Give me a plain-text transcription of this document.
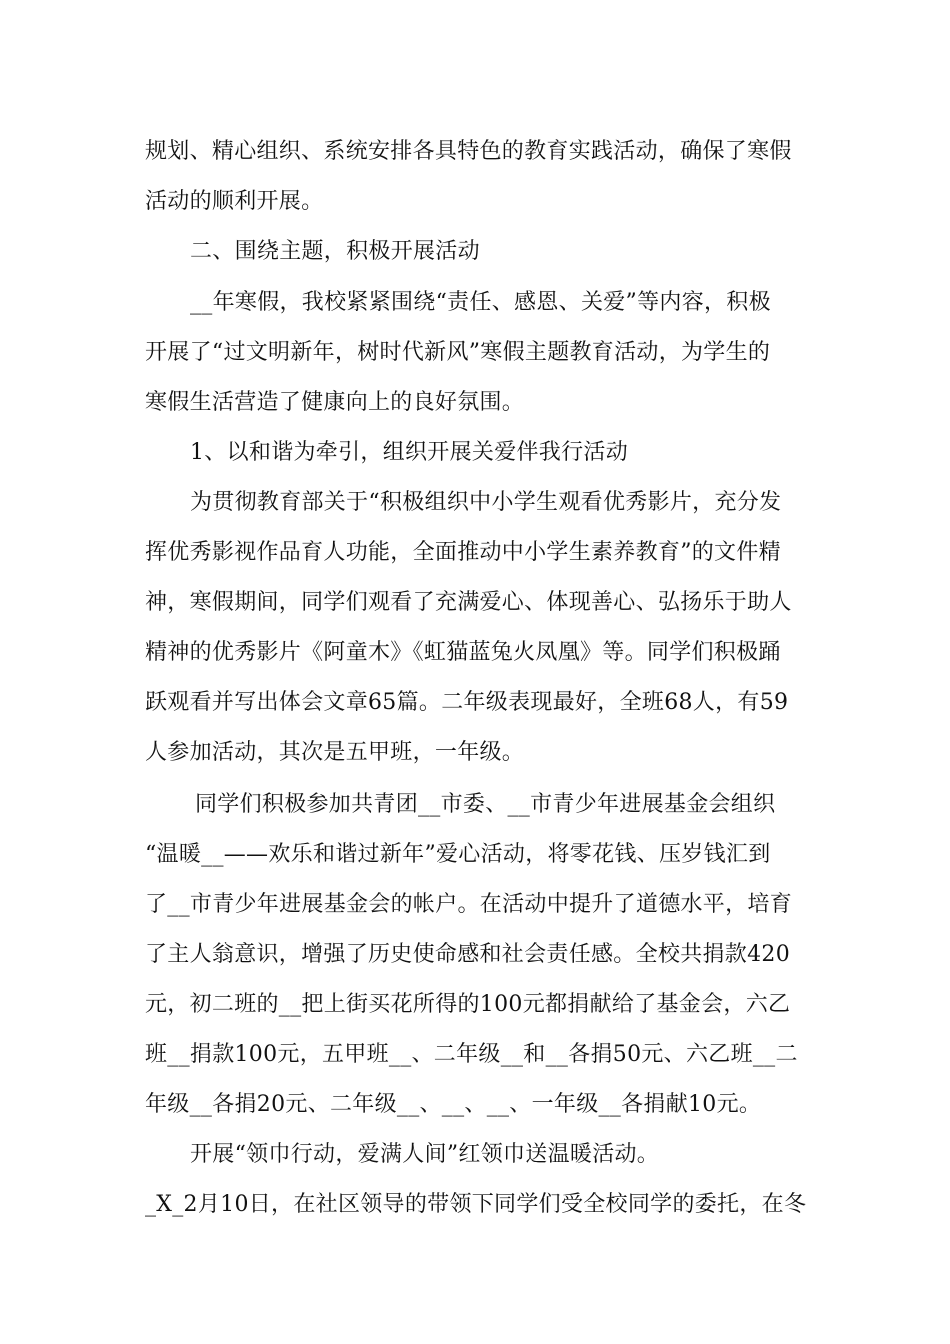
规划、精心组织、系统安排各具特色的教育实践活动，确保了寒假
活动的顺利开展。
二、围绕主题，积极开展活动
__年寒假，我校紧紧围绕“责任、感恩、关爱”等内容，积极
开展了“过文明新年，树时代新风”寒假主题教育活动，为学生的
寒假生活营造了健康向上的良好氛围。
1、以和谐为牵引，组织开展关爱伴我行活动
为贯彻教育部关于“积极组织中小学生观看优秀影片，充分发
挥优秀影视作品育人功能，全面推动中小学生素养教育”的文件精
神，寒假期间，同学们观看了充满爱心、体现善心、弘扬乐于助人
精神的优秀影片《阿童木》《虹猫蓝兔火凤凰》等。同学们积极踊
跃观看并写出体会文章65篇。二年级表现最好，全班68人，有59
人参加活动，其次是五甲班，一年级。
同学们积极参加共青团__市委、__市青少年进展基金会组织
“温暖__——欢乐和谐过新年”爱心活动，将零花钱、压岁钱汇到
了__市青少年进展基金会的帐户。在活动中提升了道德水平，培育
了主人翁意识，增强了历史使命感和社会责任感。全校共捐款420
元，初二班的__把上街买花所得的100元都捐献给了基金会，六乙
班__捐款100元，五甲班__、二年级__和__各捐50元、六乙班__二
年级__各捐20元、二年级__、__、__、一年级__各捐献10元。
开展“领巾行动，爱满人间”红领巾送温暖活动。
_X_2月10日，在社区领导的带领下同学们受全校同学的委托，在冬
